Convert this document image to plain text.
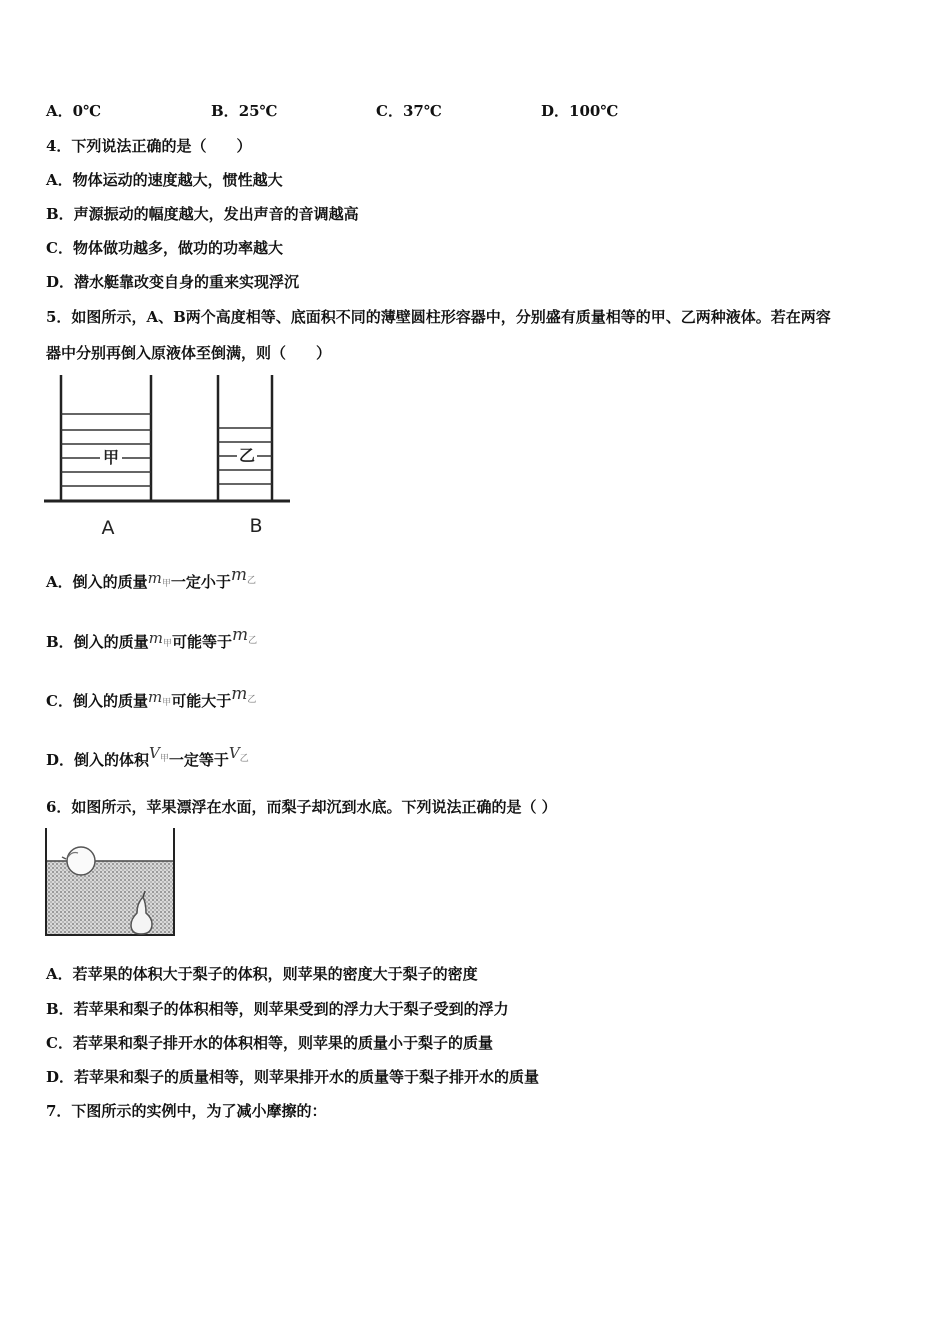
A．0℃	B．25℃	C．37℃	D．100℃
4．下列说法正确的是（　　）
A．物体运动的速度越大，惯性越大
B．声源振动的幅度越大，发出声音的音调越高
C．物体做功越多，做功的功率越大
D．潜水艇靠改变自身的重来实现浮沉
5．如图所示，A、B两个高度相等、底面积不同的薄壁圆柱形容器中，分别盛有质量相等的甲、乙两种液体。若在两容
器中分别再倒入原液体至倒满，则（　　）
甲	乙
A	B
A．倒入的质量$m_甲$一定小于$m_乙$
B．倒入的质量$m_甲$可能等于$m_乙$
C．倒入的质量$m_甲$可能大于$m_乙$
D．倒入的体积$V_甲$一定等于$V_乙$
6．如图所示，苹果漂浮在水面，而梨子却沉到水底。下列说法正确的是（ ）
A．若苹果的体积大于梨子的体积，则苹果的密度大于梨子的密度
B．若苹果和梨子的体积相等，则苹果受到的浮力大于梨子受到的浮力
C．若苹果和梨子排开水的体积相等，则苹果的质量小于梨子的质量
D．若苹果和梨子的质量相等，则苹果排开水的质量等于梨子排开水的质量
7．下图所示的实例中，为了减小摩擦的：
